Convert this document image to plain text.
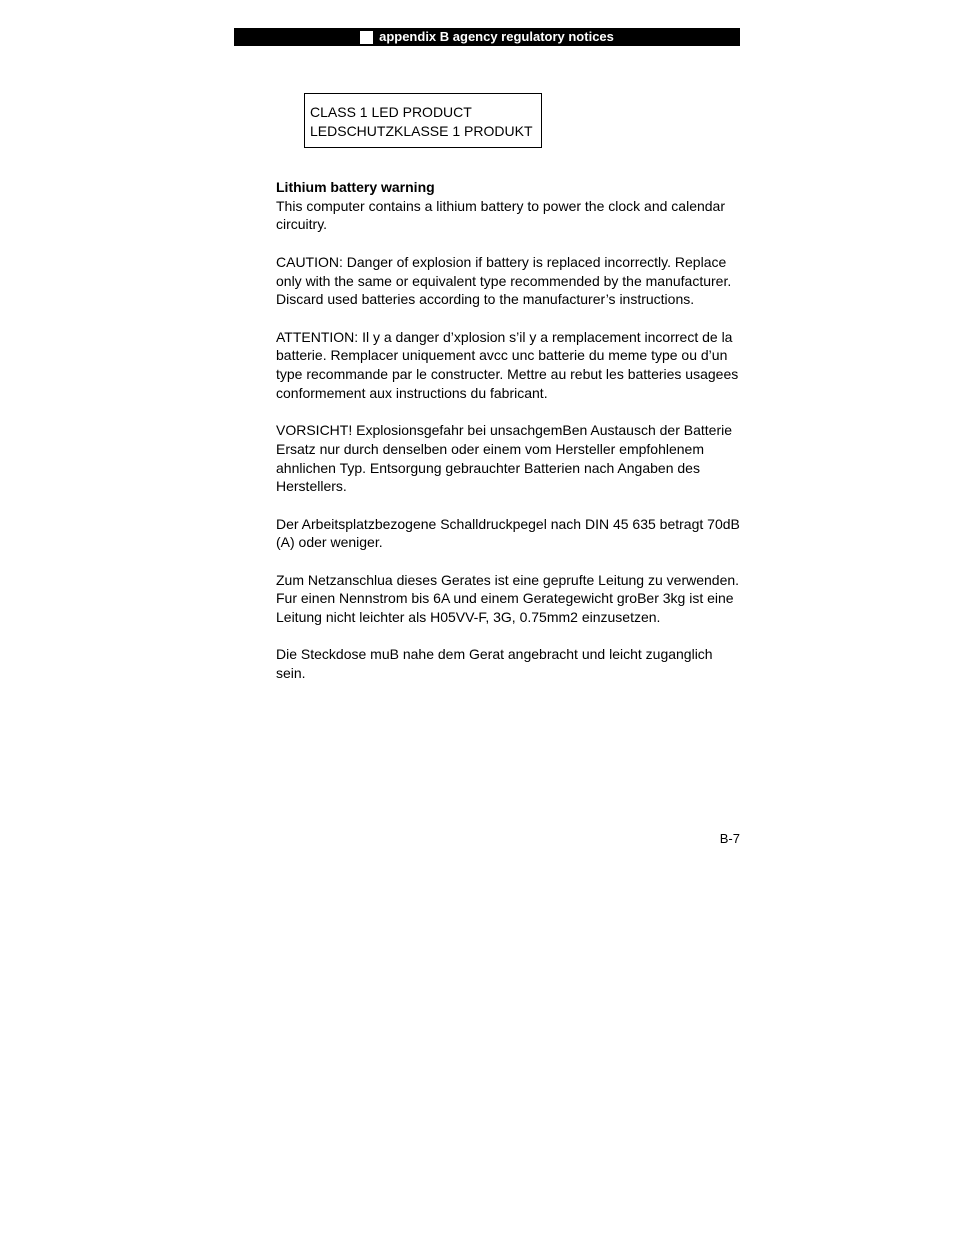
appendix B agency regulatory notices
CLASS 1 LED PRODUCT
LEDSCHUTZKLASSE 1 PRODUKT

Lithium battery warning

This computer contains a lithium battery to power the clock and calendar circuitry.

CAUTION: Danger of explosion if battery is replaced incorrectly. Replace only with the same or equivalent type recommended by the manufacturer. Discard used batteries according to the manufacturer’s instructions.

ATTENTION: Il y a danger d’xplosion s’il y a remplacement incorrect de la batterie. Remplacer uniquement avcc unc batterie du meme type ou d’un type recommande par le constructer. Mettre au rebut les batteries usagees conformement aux instructions du fabricant.

VORSICHT! Explosionsgefahr bei unsachgemBen Austausch der Batterie Ersatz nur durch denselben oder einem vom Hersteller empfohlenem ahnlichen Typ. Entsorgung gebrauchter Batterien nach Angaben des Herstellers.

Der Arbeitsplatzbezogene Schalldruckpegel nach DIN 45 635 betragt 70dB (A) oder weniger.

Zum Netzanschlua dieses Gerates ist eine geprufte Leitung zu verwenden. Fur einen Nennstrom bis 6A und einem Gerategewicht groBer 3kg ist eine Leitung nicht leichter als H05VV-F, 3G, 0.75mm2 einzusetzen.

Die Steckdose muB nahe dem Gerat angebracht und leicht zuganglich sein.

B-7
